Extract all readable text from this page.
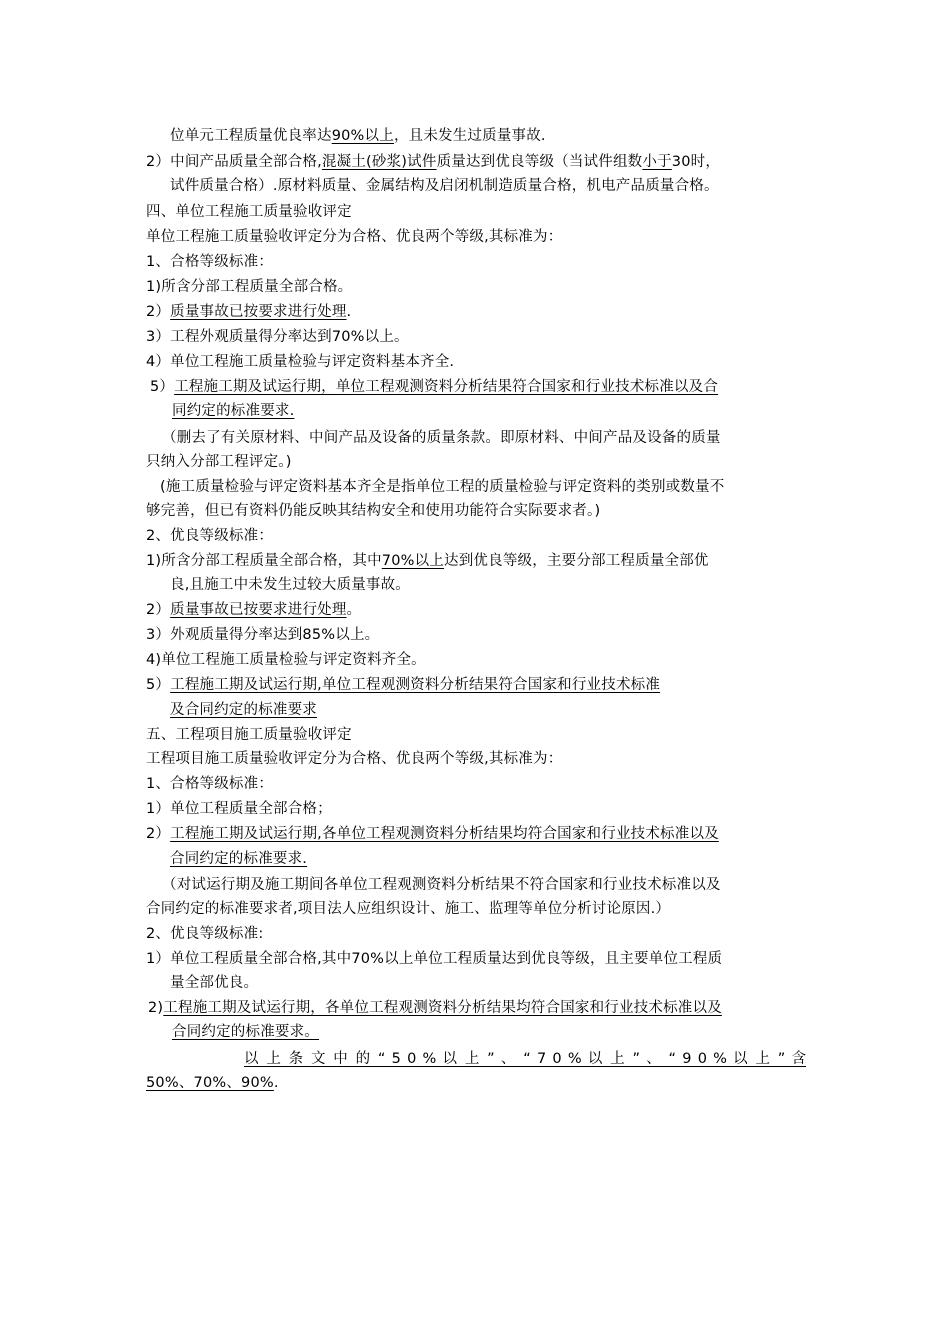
位单元工程质量优良率达90%以上，且未发生过质量事故.
2）中间产品质量全部合格,混凝土(砂浆)试件质量达到优良等级（当试件组数小于30时，
试件质量合格）.原材料质量、金属结构及启闭机制造质量合格，机电产品质量合格。
四、单位工程施工质量验收评定
单位工程施工质量验收评定分为合格、优良两个等级,其标准为：
1、合格等级标准：
1)所含分部工程质量全部合格。
2）质量事故已按要求进行处理.
3）工程外观质量得分率达到70%以上。
4）单位工程施工质量检验与评定资料基本齐全.
5）工程施工期及试运行期，单位工程观测资料分析结果符合国家和行业技术标准以及合
同约定的标准要求.
（删去了有关原材料、中间产品及设备的质量条款。即原材料、中间产品及设备的质量
只纳入分部工程评定。)
(施工质量检验与评定资料基本齐全是指单位工程的质量检验与评定资料的类别或数量不
够完善，但已有资料仍能反映其结构安全和使用功能符合实际要求者。)
2、优良等级标准：
1)所含分部工程质量全部合格，其中70%以上达到优良等级，主要分部工程质量全部优
良,且施工中未发生过较大质量事故。
2）质量事故已按要求进行处理。
3）外观质量得分率达到85%以上。
4)单位工程施工质量检验与评定资料齐全。
5）工程施工期及试运行期,单位工程观测资料分析结果符合国家和行业技术标准
及合同约定的标准要求
五、工程项目施工质量验收评定
工程项目施工质量验收评定分为合格、优良两个等级,其标准为：
1、合格等级标准：
1）单位工程质量全部合格；
2）工程施工期及试运行期,各单位工程观测资料分析结果均符合国家和行业技术标准以及
合同约定的标准要求.
（对试运行期及施工期间各单位工程观测资料分析结果不符合国家和行业技术标准以及
合同约定的标准要求者,项目法人应组织设计、施工、监理等单位分析讨论原因.）
2、优良等级标准:
1）单位工程质量全部合格,其中70%以上单位工程质量达到优良等级，且主要单位工程质
量全部优良。
2)工程施工期及试运行期，各单位工程观测资料分析结果均符合国家和行业技术标准以及
合同约定的标准要求。
以 上 条 文 中 的 “ 5 0 % 以 上 ” 、 “ 7 0 % 以 上 ” 、 “ 9 0 % 以 上 ” 含
50%、70%、90%.
